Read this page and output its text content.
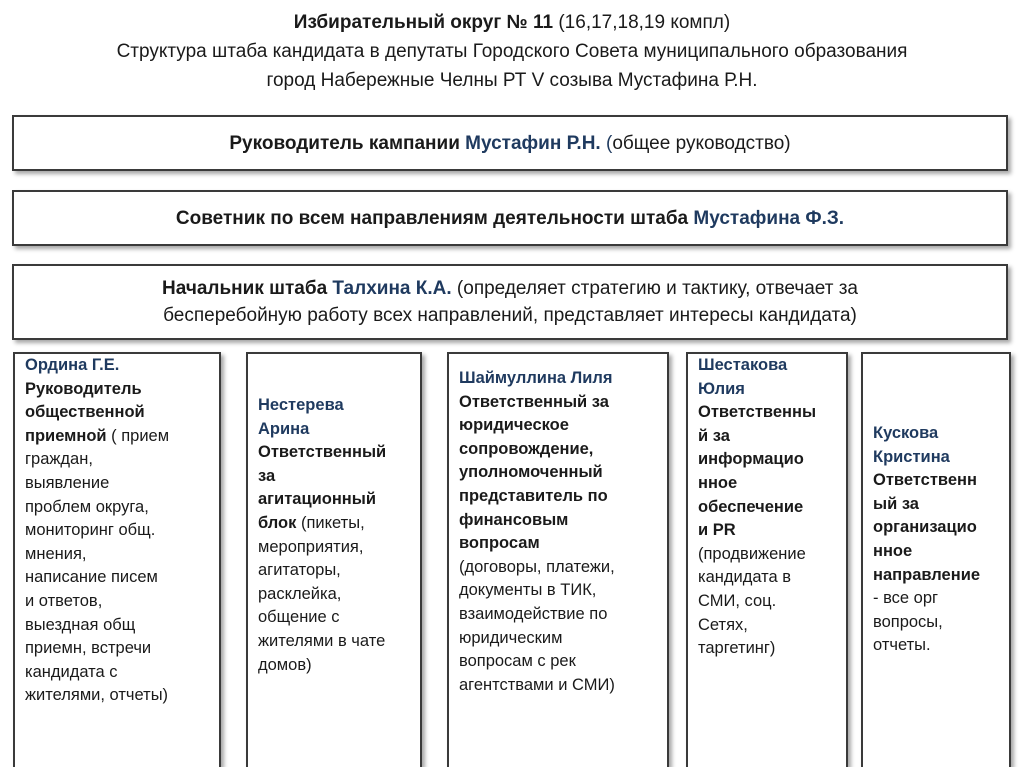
Избирательный округ № 11 (16,17,18,19 компл)
Структура штаба кандидата в депутаты Городского Совета муниципального образования
город Набережные Челны РТ V созыва Мустафина Р.Н.
Руководитель кампании Мустафин Р.Н. (общее руководство)
Советник по всем направлениям деятельности штаба Мустафина Ф.З.
Начальник штаба Талхина К.А. (определяет стратегию и тактику, отвечает за
бесперебойную работу всех направлений, представляет интересы кандидата)
Ордина Г.Е.
Руководитель
общественной
приемной ( прием
граждан,
выявление
проблем округа,
мониторинг общ.
мнения,
написание писем
и ответов,
выездная общ
приемн, встречи
кандидата с
жителями, отчеты)
Нестерева
Арина
Ответственный
за
агитационный
блок (пикеты,
мероприятия,
агитаторы,
расклейка,
общение с
жителями в чате
домов)
Шаймуллина Лиля
Ответственный за
юридическое
сопровождение,
уполномоченный
представитель по
финансовым
вопросам
(договоры, платежи,
документы в ТИК,
взаимодействие по
юридическим
вопросам с рек
агентствами и СМИ)
Шестакова
Юлия
Ответственны
й за
информацио
нное
обеспечение
и PR
(продвижение
кандидата в
СМИ, соц.
Сетях,
таргетинг)
Кускова
Кристина
Ответственн
ый за
организацио
нное
направление
- все орг
вопросы,
отчеты.
